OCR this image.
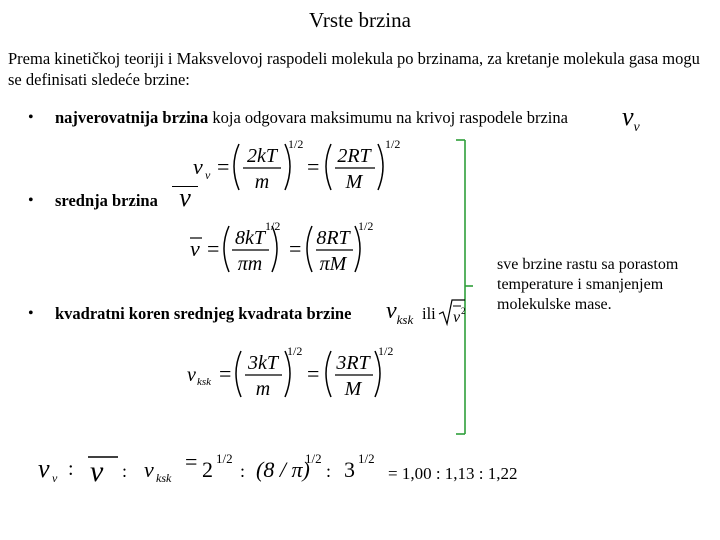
Vrste brzina
Prema kinetičkoj teoriji i Maksvelovoj raspodeli molekula po brzinama, za kretanje molekula gasa mogu se definisati sledeće brzine:
• najverovatnija brzina koja odgovara maksimumu na krivoj raspodele brzina $v_v$
v v = 2kT
m
1/2
= 2RT
M
1/2
• srednja brzina v
v = 8kT
πm
1/2
= 8RT
πM
1/2
sve brzine rastu sa porastom temperature i smanjenjem molekulske mase.
• kvadratni koren srednjeg kvadrata brzine $v_{ksk}$ ili v 2
v ksk = 3kT
m
1/2
= 3RT
M
1/2
v v : v : v ksk
= 2 1/2
: (8 / π)
1/2
: 3 1/2
= 1,00 : 1,13 : 1,22
